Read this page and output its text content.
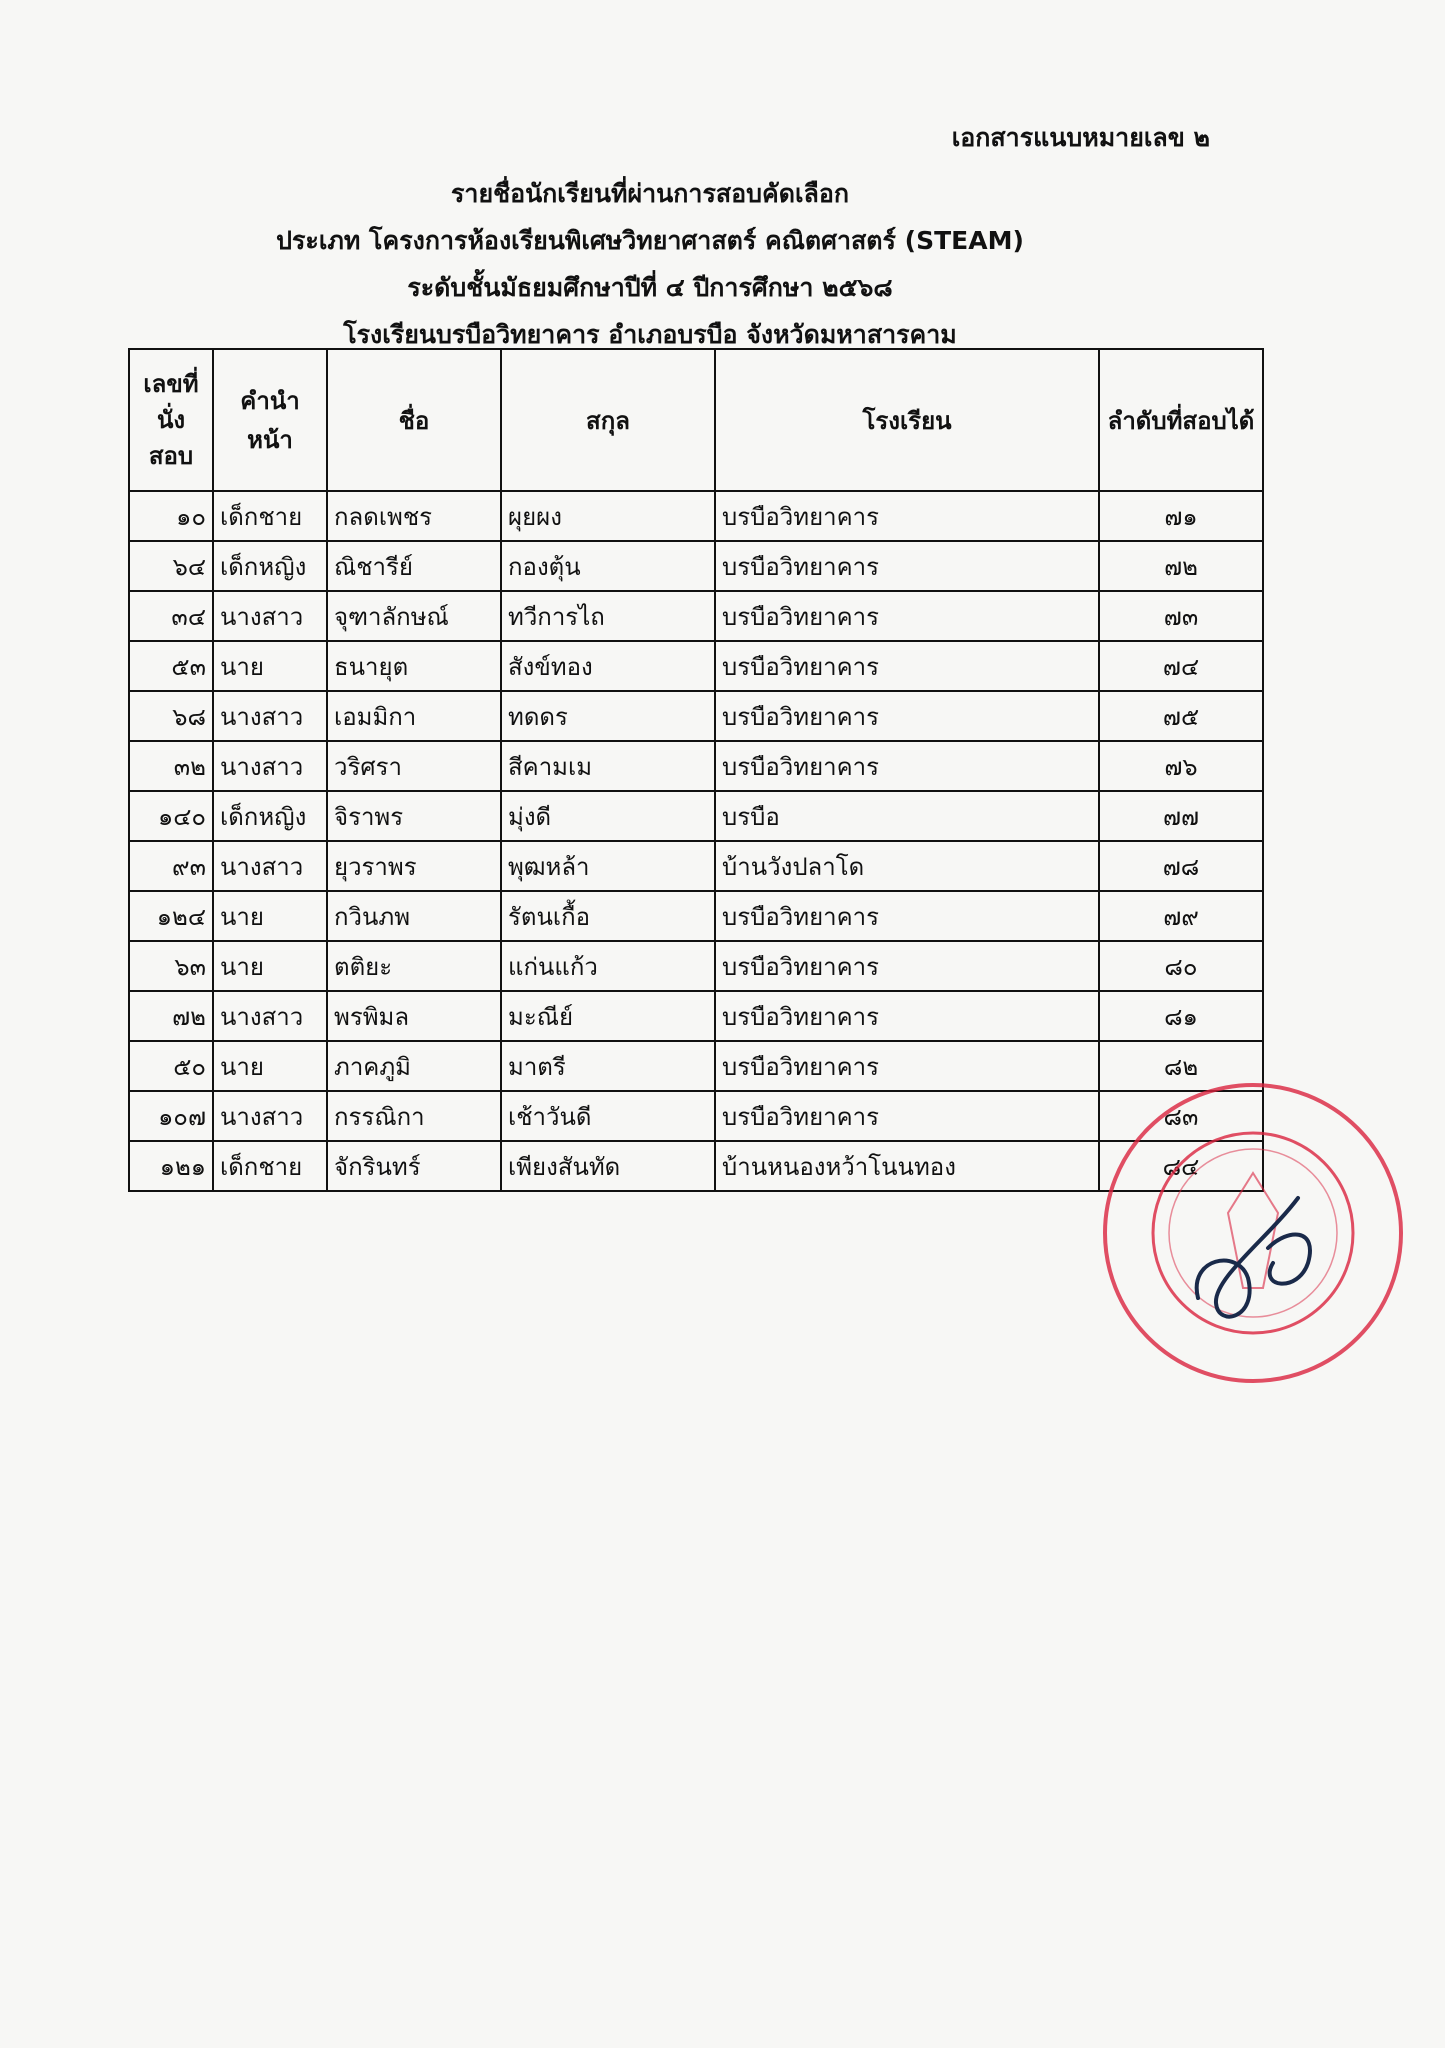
เอกสารแนบหมายเลข ๒
รายชื่อนักเรียนที่ผ่านการสอบคัดเลือก
ประเภท โครงการห้องเรียนพิเศษวิทยาศาสตร์ คณิตศาสตร์ (STEAM)
ระดับชั้นมัธยมศึกษาปีที่ ๔ ปีการศึกษา ๒๕๖๘
โรงเรียนบรบือวิทยาคาร อำเภอบรบือ จังหวัดมหาสารคาม
เลขที่
นั่ง
สอบ	คำนำหน้า	ชื่อ	สกุล	โรงเรียน	ลำดับที่สอบได้
๑๐	เด็กชาย	กลดเพชร	ผุยผง	บรบือวิทยาคาร	๗๑
๖๔	เด็กหญิง	ณิชารีย์	กองตุ้น	บรบือวิทยาคาร	๗๒
๓๔	นางสาว	จุฑาลักษณ์	ทวีการไถ	บรบือวิทยาคาร	๗๓
๕๓	นาย	ธนายุต	สังข์ทอง	บรบือวิทยาคาร	๗๔
๖๘	นางสาว	เอมมิกา	ทดดร	บรบือวิทยาคาร	๗๕
๓๒	นางสาว	วริศรา	สีคามเม	บรบือวิทยาคาร	๗๖
๑๔๐	เด็กหญิง	จิราพร	มุ่งดี	บรบือ	๗๗
๙๓	นางสาว	ยุวราพร	พุฒหล้า	บ้านวังปลาโด	๗๘
๑๒๔	นาย	กวินภพ	รัตนเกื้อ	บรบือวิทยาคาร	๗๙
๖๓	นาย	ตติยะ	แก่นแก้ว	บรบือวิทยาคาร	๘๐
๗๒	นางสาว	พรพิมล	มะณีย์	บรบือวิทยาคาร	๘๑
๕๐	นาย	ภาคภูมิ	มาตรี	บรบือวิทยาคาร	๘๒
๑๐๗	นางสาว	กรรณิกา	เช้าวันดี	บรบือวิทยาคาร	๘๓
๑๒๑	เด็กชาย	จักรินทร์	เพียงสันทัด	บ้านหนองหว้าโนนทอง	๘๔
